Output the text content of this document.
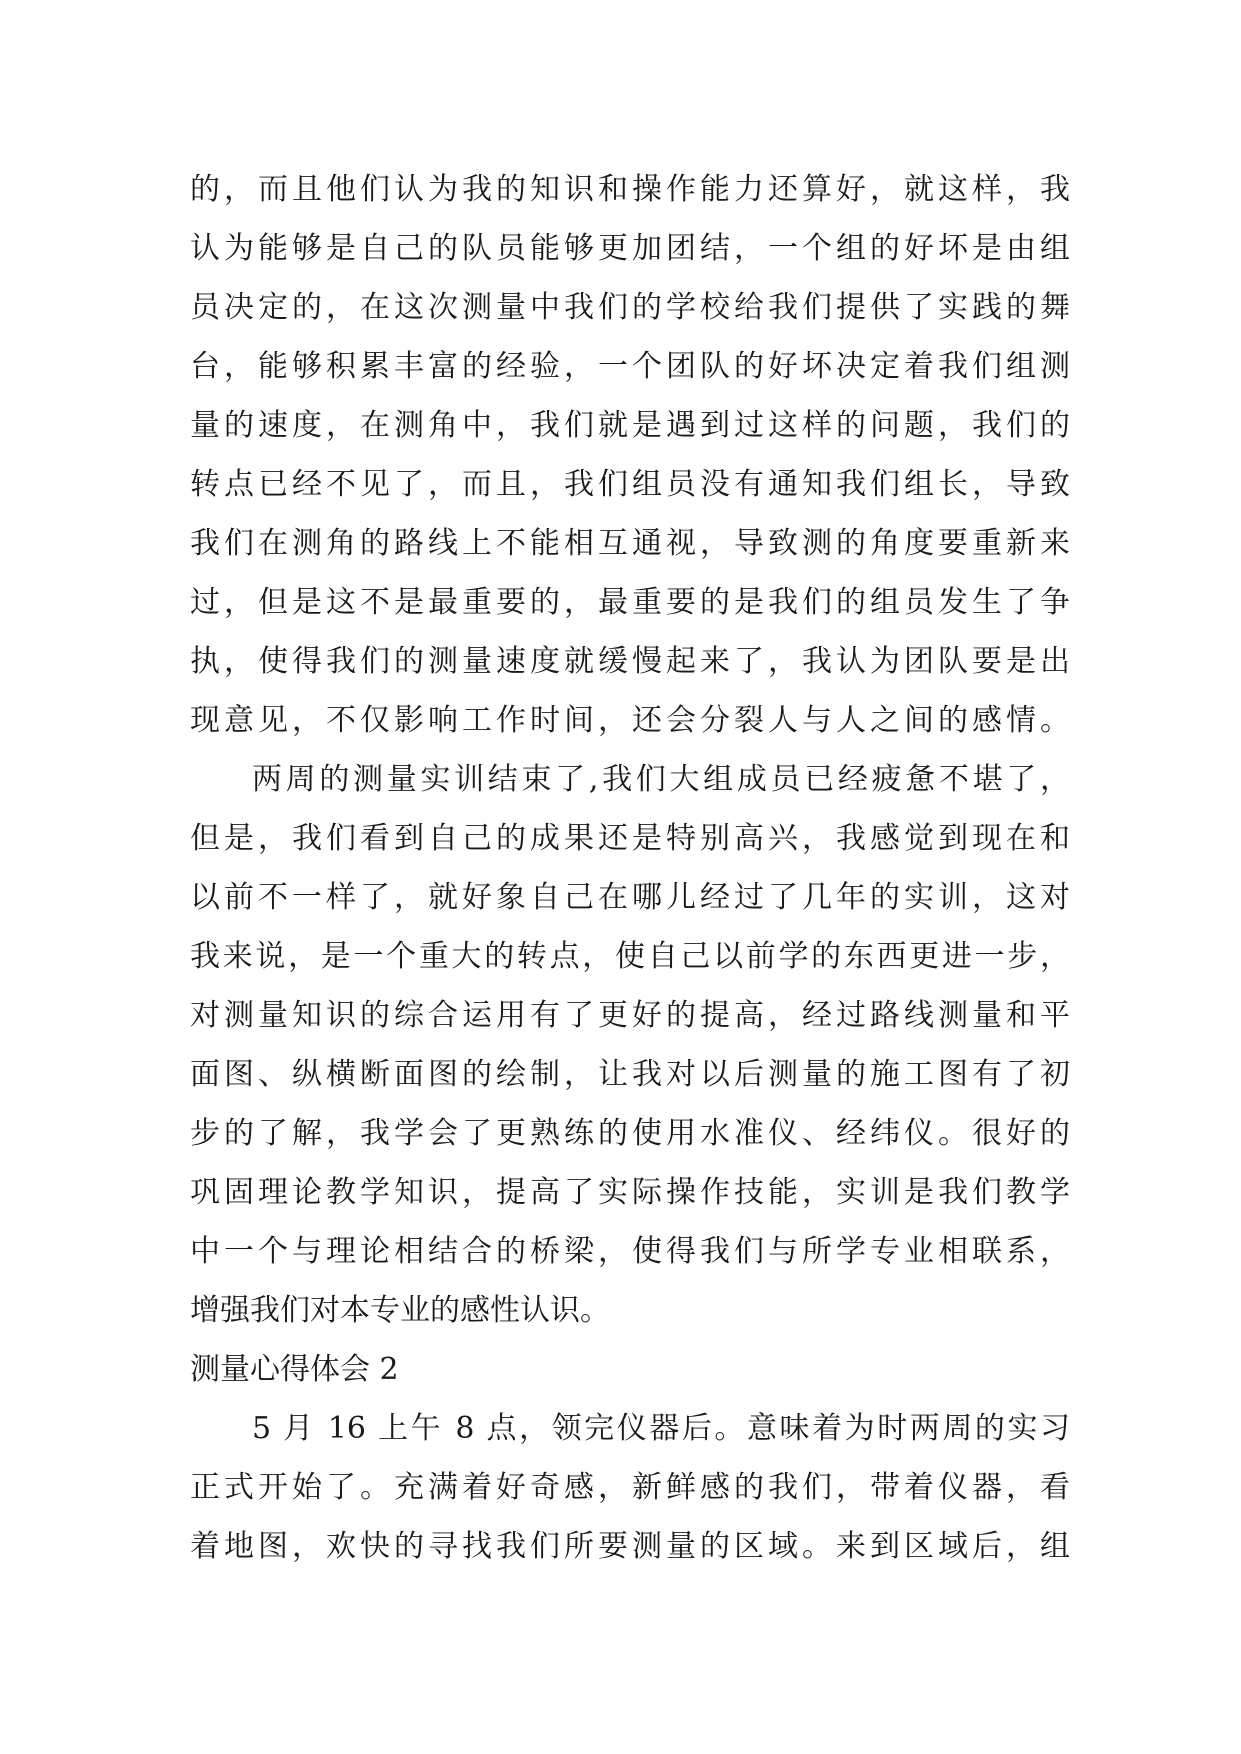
的，而且他们认为我的知识和操作能力还算好，就这样，我
认为能够是自己的队员能够更加团结，一个组的好坏是由组
员决定的，在这次测量中我们的学校给我们提供了实践的舞
台，能够积累丰富的经验，一个团队的好坏决定着我们组测
量的速度，在测角中，我们就是遇到过这样的问题，我们的
转点已经不见了，而且，我们组员没有通知我们组长，导致
我们在测角的路线上不能相互通视，导致测的角度要重新来
过，但是这不是最重要的，最重要的是我们的组员发生了争
执，使得我们的测量速度就缓慢起来了，我认为团队要是出
现意见，不仅影响工作时间，还会分裂人与人之间的感情。
两周的测量实训结束了,我们大组成员已经疲惫不堪了，
但是，我们看到自己的成果还是特别高兴，我感觉到现在和
以前不一样了，就好象自己在哪儿经过了几年的实训，这对
我来说，是一个重大的转点，使自己以前学的东西更进一步，
对测量知识的综合运用有了更好的提高，经过路线测量和平
面图、纵横断面图的绘制，让我对以后测量的施工图有了初
步的了解，我学会了更熟练的使用水准仪、经纬仪。很好的
巩固理论教学知识，提高了实际操作技能，实训是我们教学
中一个与理论相结合的桥梁，使得我们与所学专业相联系，
增强我们对本专业的感性认识。
测量心得体会 2
5 月 16 上午 8 点，领完仪器后。意味着为时两周的实习
正式开始了。充满着好奇感，新鲜感的我们，带着仪器，看
着地图，欢快的寻找我们所要测量的区域。来到区域后，组
